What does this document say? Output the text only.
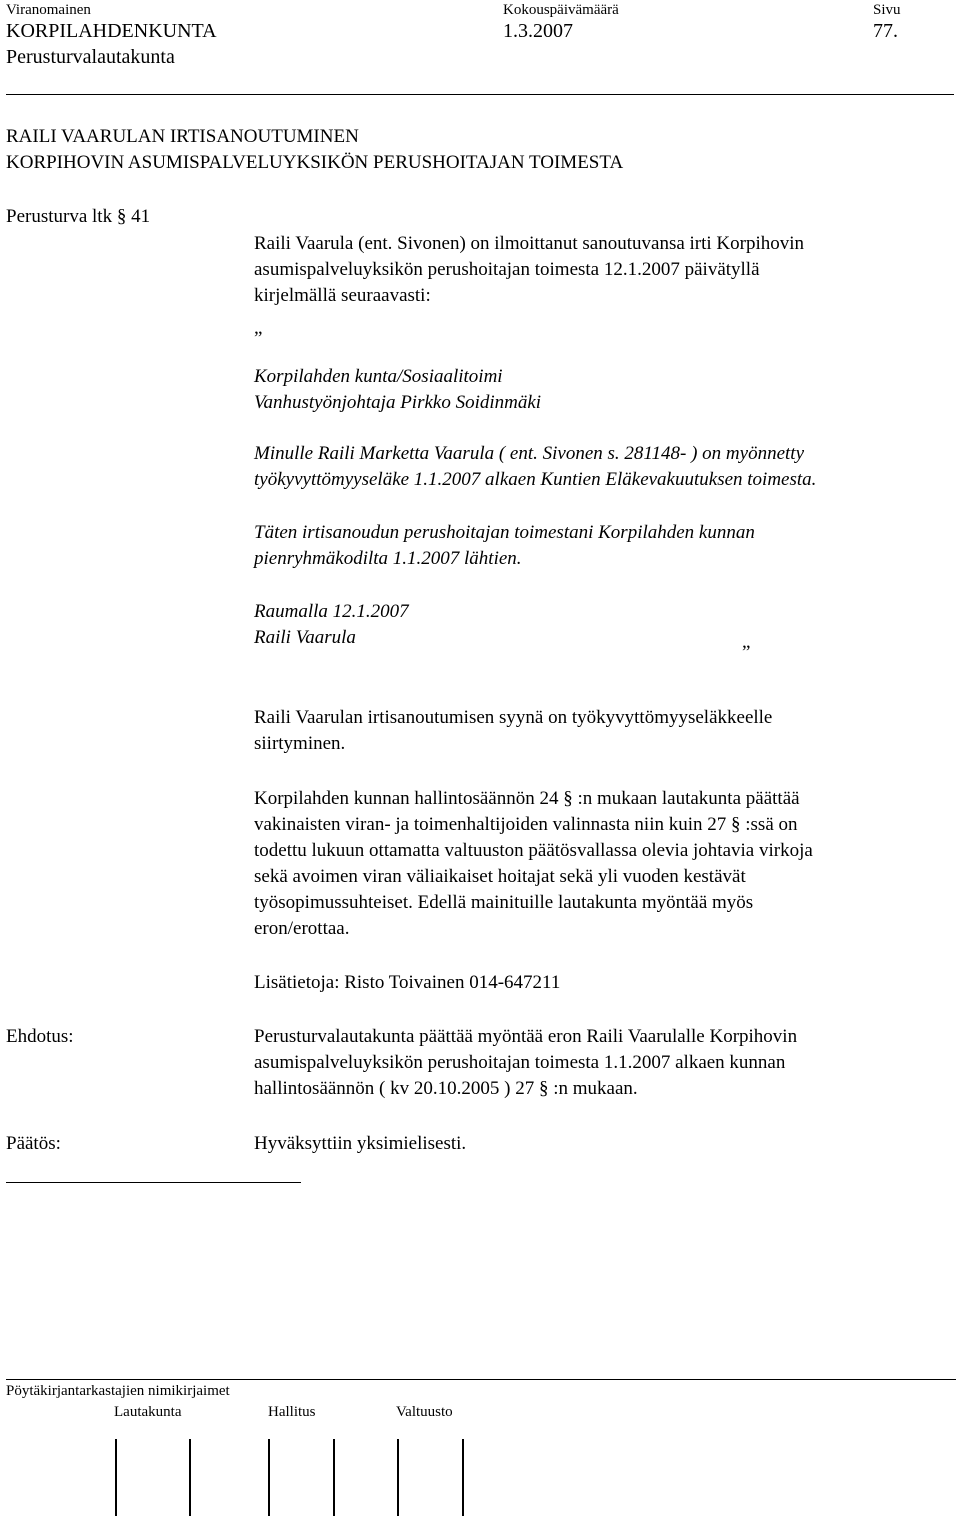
Viranomainen	Kokouspäivämäärä	Sivu
KORPILAHDENKUNTA	1.3.2007	77.
Perusturvalautakunta
RAILI VAARULAN IRTISANOUTUMINEN
KORPIHOVIN ASUMISPALVELUYKSIKÖN PERUSHOITAJAN TOIMESTA
Perusturva ltk § 41
Raili Vaarula (ent. Sivonen) on ilmoittanut sanoutuvansa irti Korpihovin
asumispalveluyksikön perushoitajan toimesta 12.1.2007 päivätyllä
kirjelmällä seuraavasti:
”
Korpilahden kunta/Sosiaalitoimi
Vanhustyönjohtaja Pirkko Soidinmäki
Minulle Raili Marketta Vaarula ( ent. Sivonen s. 281148- ) on myönnetty
työkyvyttömyyseläke 1.1.2007 alkaen Kuntien Eläkevakuutuksen toimesta.
Täten irtisanoudun perushoitajan toimestani Korpilahden kunnan
pienryhmäkodilta 1.1.2007 lähtien.
Raumalla 12.1.2007
Raili Vaarula
”
Raili Vaarulan irtisanoutumisen syynä on työkyvyttömyyseläkkeelle
siirtyminen.
Korpilahden kunnan hallintosäännön 24 § :n mukaan lautakunta päättää
vakinaisten viran- ja toimenhaltijoiden valinnasta niin kuin 27 § :ssä on
todettu lukuun ottamatta valtuuston päätösvallassa olevia johtavia virkoja
sekä avoimen viran väliaikaiset hoitajat sekä yli vuoden kestävät
työsopimussuhteiset. Edellä mainituille lautakunta myöntää myös
eron/erottaa.
Lisätietoja: Risto Toivainen 014-647211
Ehdotus:	Perusturvalautakunta päättää myöntää eron Raili Vaarulalle Korpihovin
asumispalveluyksikön perushoitajan toimesta 1.1.2007 alkaen kunnan
hallintosäännön ( kv 20.10.2005 ) 27 § :n mukaan.
Päätös:	Hyväksyttiin yksimielisesti.
Pöytäkirjantarkastajien nimikirjaimet
Lautakunta	Hallitus	Valtuusto
